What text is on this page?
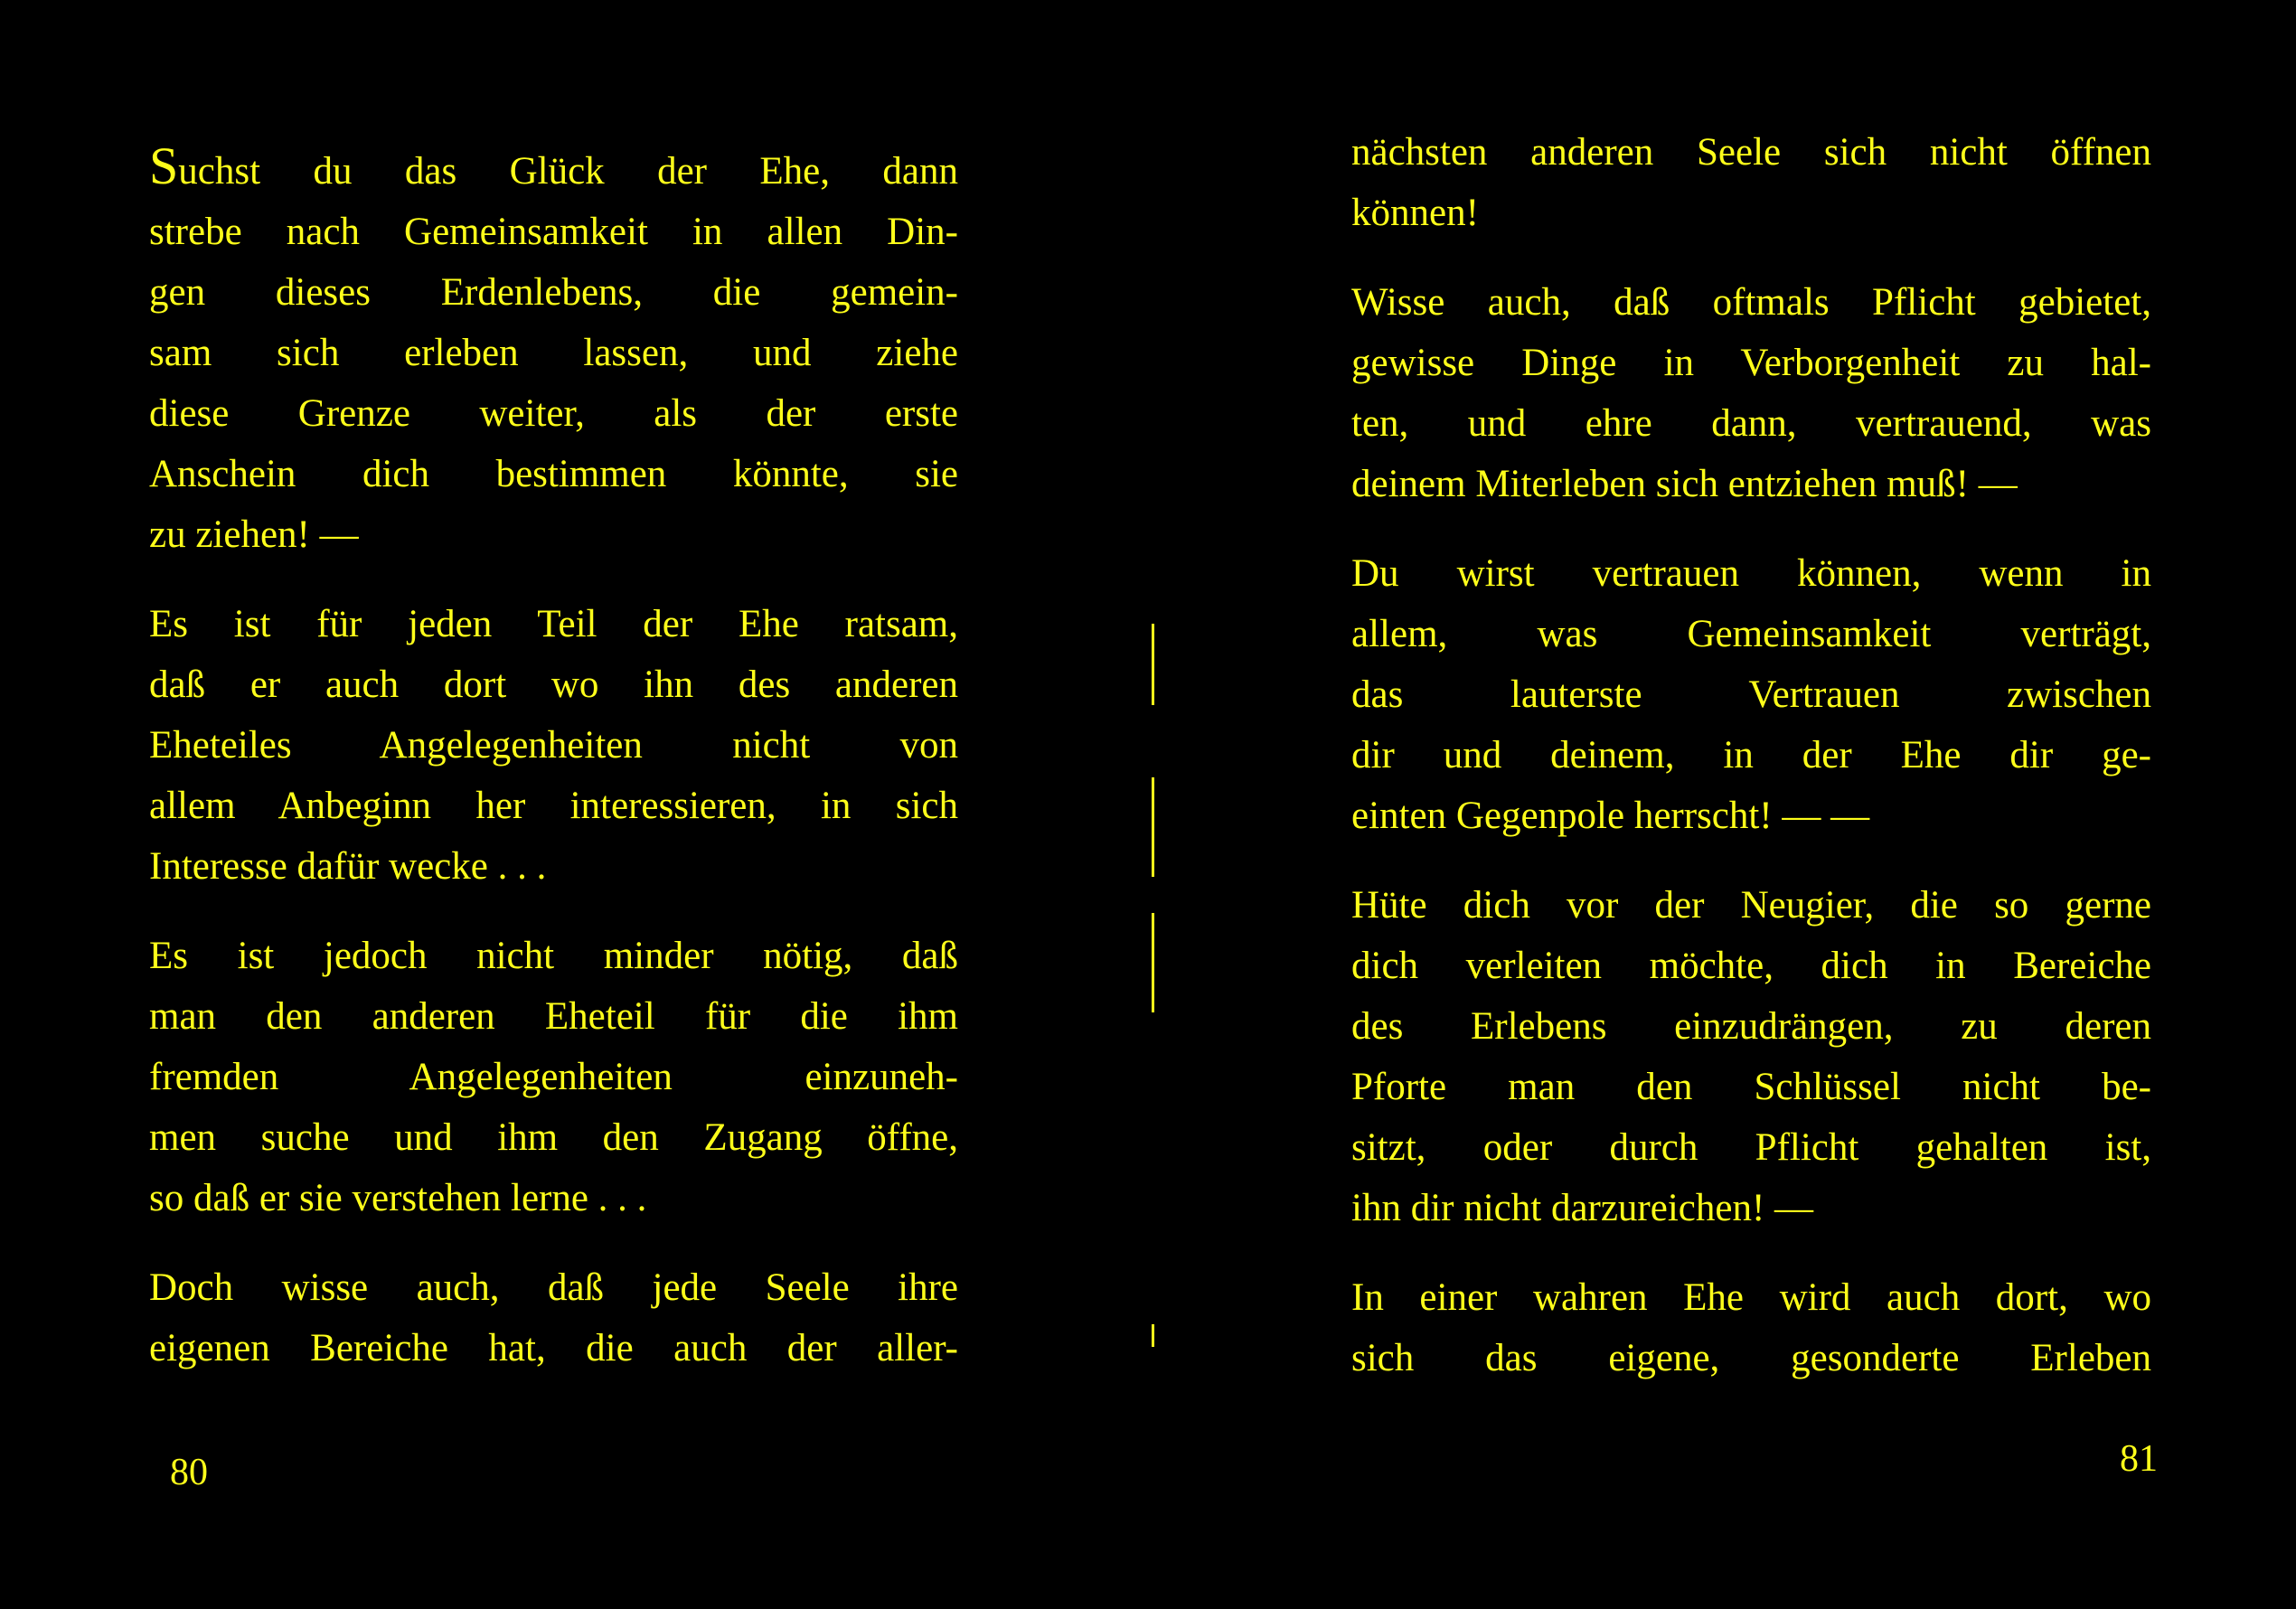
Suchst du das Glück der Ehe, dann
strebe nach Gemeinsamkeit in allen Din-
gen dieses Erdenlebens, die gemein-
sam sich erleben lassen, und ziehe
diese Grenze weiter, als der erste
Anschein dich bestimmen könnte, sie
zu ziehen! —

Es ist für jeden Teil der Ehe ratsam,
daß er auch dort wo ihn des anderen
Eheteiles Angelegenheiten nicht von
allem Anbeginn her interessieren, in sich
Interesse dafür wecke . . .

Es ist jedoch nicht minder nötig, daß
man den anderen Eheteil für die ihm
fremden Angelegenheiten einzuneh-
men suche und ihm den Zugang öffne,
so daß er sie verstehen lerne . . .

Doch wisse auch, daß jede Seele ihre
eigenen Bereiche hat, die auch der aller-

80

nächsten anderen Seele sich nicht öffnen
können!

Wisse auch, daß oftmals Pflicht gebietet,
gewisse Dinge in Verborgenheit zu hal-
ten, und ehre dann, vertrauend, was
deinem Miterleben sich entziehen muß! —

Du wirst vertrauen können, wenn in
allem, was Gemeinsamkeit verträgt,
das lauterste Vertrauen zwischen
dir und deinem, in der Ehe dir ge-
einten Gegenpole herrscht! — —

Hüte dich vor der Neugier, die so gerne
dich verleiten möchte, dich in Bereiche
des Erlebens einzudrängen, zu deren
Pforte man den Schlüssel nicht be-
sitzt, oder durch Pflicht gehalten ist,
ihn dir nicht darzureichen! —

In einer wahren Ehe wird auch dort, wo
sich das eigene, gesonderte Erleben

81
